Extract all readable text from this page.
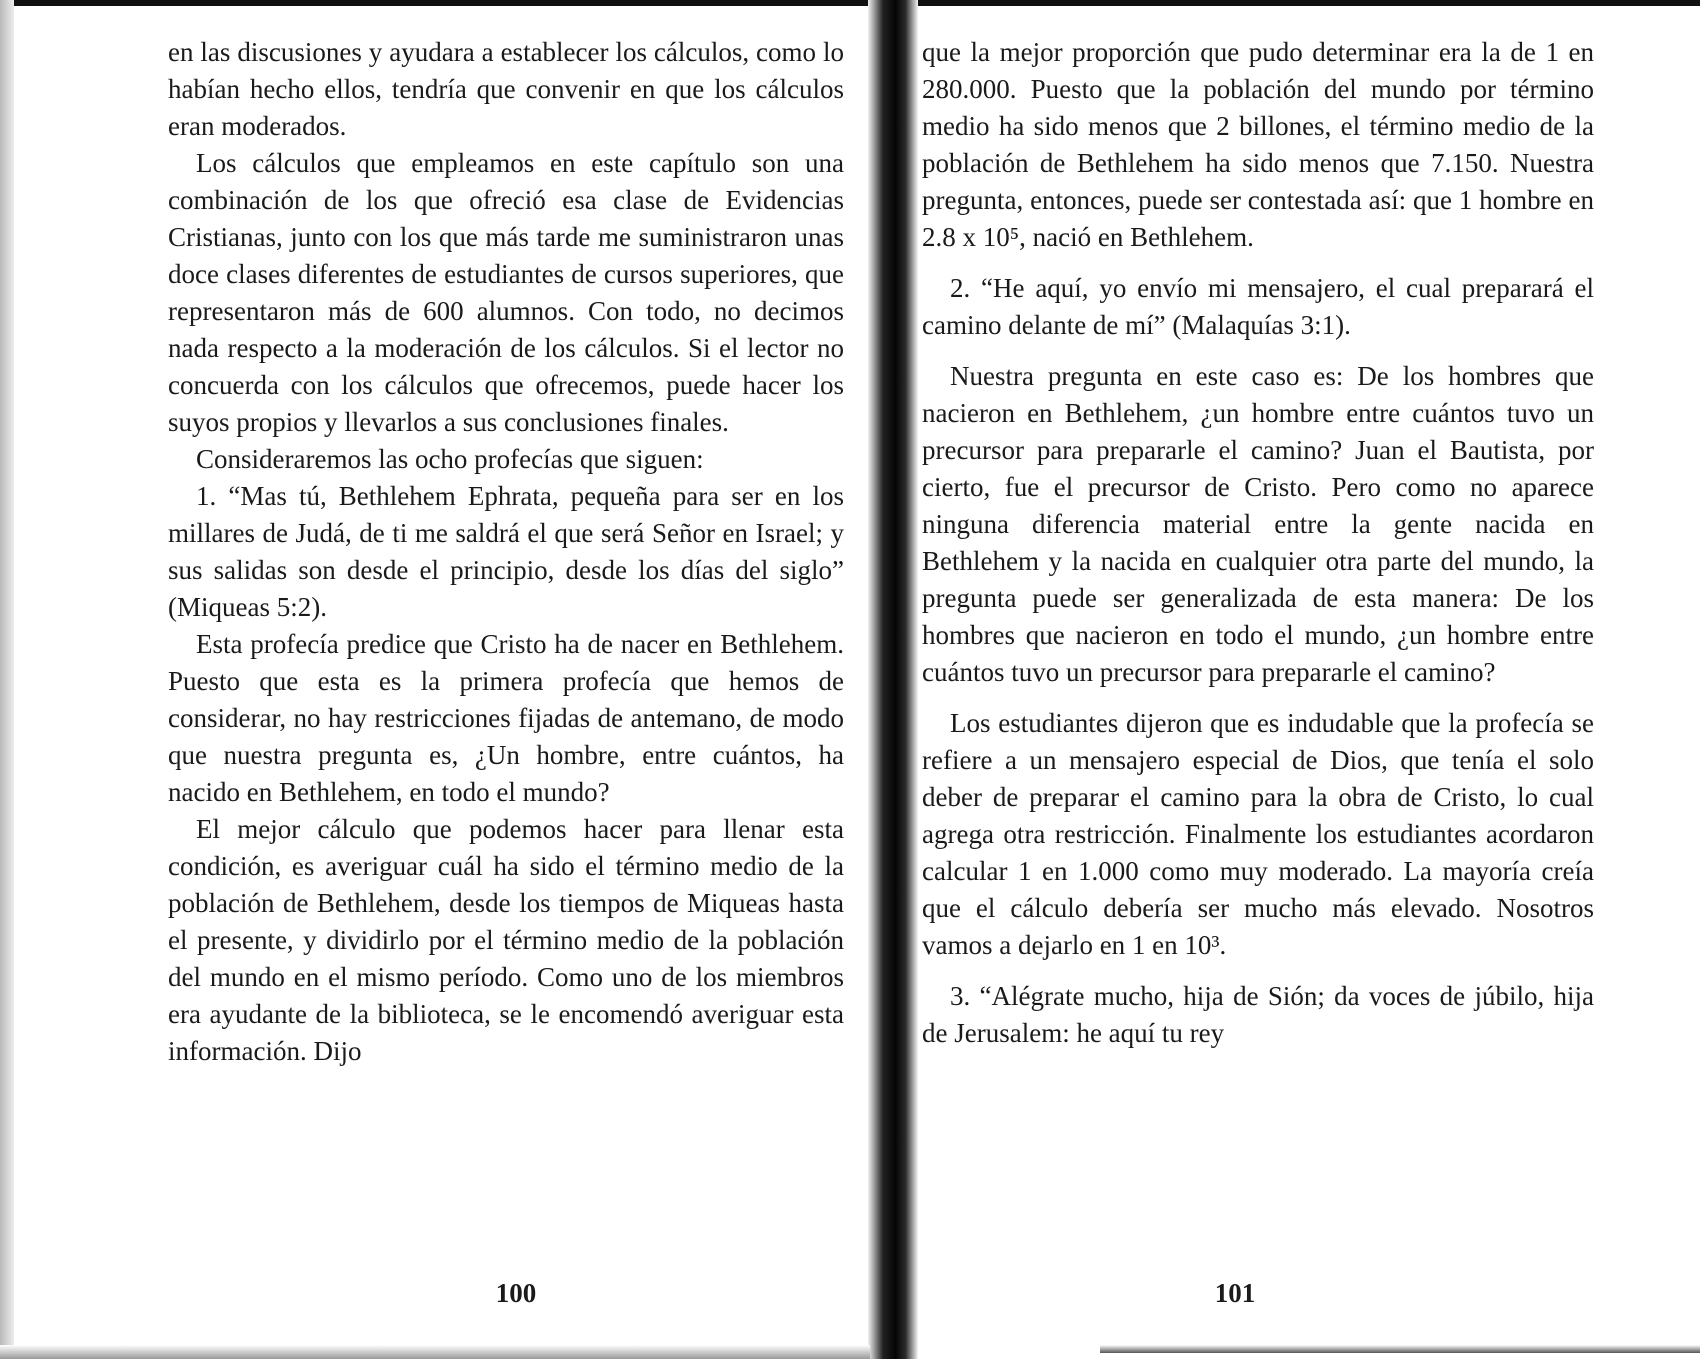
en las discusiones y ayudara a establecer los cálculos, como lo habían hecho ellos, tendría que convenir en que los cálculos eran moderados.

Los cálculos que empleamos en este capítulo son una combinación de los que ofreció esa clase de Evidencias Cristianas, junto con los que más tarde me suministraron unas doce clases diferentes de estudiantes de cursos superiores, que representaron más de 600 alumnos. Con todo, no decimos nada respecto a la moderación de los cálculos. Si el lector no concuerda con los cálculos que ofrecemos, puede hacer los suyos propios y llevarlos a sus conclusiones finales.

Consideraremos las ocho profecías que siguen:

1. “Mas tú, Bethlehem Ephrata, pequeña para ser en los millares de Judá, de ti me saldrá el que será Señor en Israel; y sus salidas son desde el principio, desde los días del siglo” (Miqueas 5:2).

Esta profecía predice que Cristo ha de nacer en Bethlehem. Puesto que esta es la primera profecía que hemos de considerar, no hay restricciones fijadas de antemano, de modo que nuestra pregunta es, ¿Un hombre, entre cuántos, ha nacido en Bethlehem, en todo el mundo?

El mejor cálculo que podemos hacer para llenar esta condición, es averiguar cuál ha sido el término medio de la población de Bethlehem, desde los tiempos de Miqueas hasta el presente, y dividirlo por el término medio de la población del mundo en el mismo período. Como uno de los miembros era ayudante de la biblioteca, se le encomendó averiguar esta información. Dijo

100

que la mejor proporción que pudo determinar era la de 1 en 280.000. Puesto que la población del mundo por término medio ha sido menos que 2 billones, el término medio de la población de Bethlehem ha sido menos que 7.150. Nuestra pregunta, entonces, puede ser contestada así: que 1 hombre en 2.8 x 10⁵, nació en Bethlehem.

2. “He aquí, yo envío mi mensajero, el cual preparará el camino delante de mí” (Malaquías 3:1).

Nuestra pregunta en este caso es: De los hombres que nacieron en Bethlehem, ¿un hombre entre cuántos tuvo un precursor para prepararle el camino? Juan el Bautista, por cierto, fue el precursor de Cristo. Pero como no aparece ninguna diferencia material entre la gente nacida en Bethlehem y la nacida en cualquier otra parte del mundo, la pregunta puede ser generalizada de esta manera: De los hombres que nacieron en todo el mundo, ¿un hombre entre cuántos tuvo un precursor para prepararle el camino?

Los estudiantes dijeron que es indudable que la profecía se refiere a un mensajero especial de Dios, que tenía el solo deber de preparar el camino para la obra de Cristo, lo cual agrega otra restricción. Finalmente los estudiantes acordaron calcular 1 en 1.000 como muy moderado. La mayoría creía que el cálculo debería ser mucho más elevado. Nosotros vamos a dejarlo en 1 en 10³.

3. “Alégrate mucho, hija de Sión; da voces de júbilo, hija de Jerusalem: he aquí tu rey

101
